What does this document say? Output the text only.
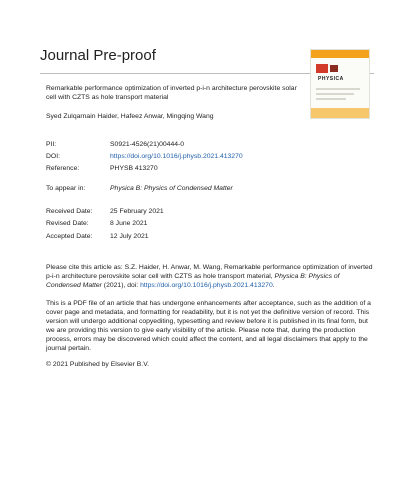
Journal Pre-proof
PHYSICA
Remarkable performance optimization of inverted p-i-n architecture perovskite solar cell with CZTS as hole transport material
Syed Zulqarnain Haider, Hafeez Anwar, Mingqing Wang
PII:	S0921-4526(21)00444-0
DOI:	https://doi.org/10.1016/j.physb.2021.413270
Reference:	PHYSB 413270
To appear in:	Physica B: Physics of Condensed Matter
Received Date:	25 February 2021
Revised Date:	8 June 2021
Accepted Date:	12 July 2021
Please cite this article as: S.Z. Haider, H. Anwar, M. Wang, Remarkable performance optimization of inverted p-i-n architecture perovskite solar cell with CZTS as hole transport material, Physica B: Physics of Condensed Matter (2021), doi: https://doi.org/10.1016/j.physb.2021.413270.
This is a PDF file of an article that has undergone enhancements after acceptance, such as the addition of a cover page and metadata, and formatting for readability, but it is not yet the definitive version of record. This version will undergo additional copyediting, typesetting and review before it is published in its final form, but we are providing this version to give early visibility of the article. Please note that, during the production process, errors may be discovered which could affect the content, and all legal disclaimers that apply to the journal pertain.
© 2021 Published by Elsevier B.V.
